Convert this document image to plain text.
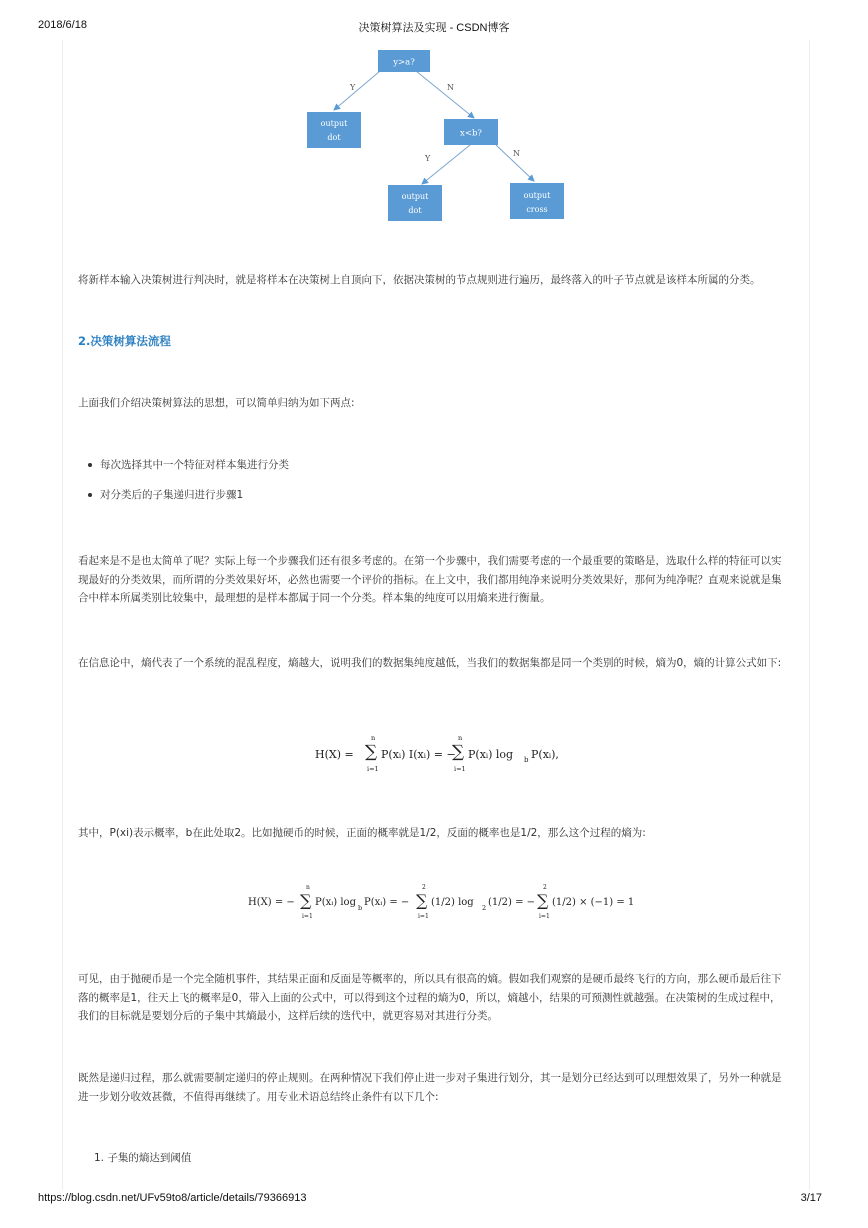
2018/6/18	决策树算法及实现 - CSDN博客
Y	N
Y
N
y>a?
output
dot	x<b?
output
dot
output
cross

将新样本输入决策树进行判决时，就是将样本在决策树上自顶向下，依据决策树的节点规则进行遍历，最终落入的叶子节点就是该样本所属的分类。

2.决策树算法流程

上面我们介绍决策树算法的思想，可以简单归纳为如下两点:

每次选择其中一个特征对样本集进行分类
对分类后的子集递归进行步骤1

看起来是不是也太简单了呢？实际上每一个步骤我们还有很多考虑的。在第一个步骤中，我们需要考虑的一个最重要的策略是，选取什么样的特征可以实现最好的分类效果，而所谓的分类效果好坏，必然也需要一个评价的指标。在上文中，我们都用纯净来说明分类效果好，那何为纯净呢？直观来说就是集合中样本所属类别比较集中，最理想的是样本都属于同一个分类。样本集的纯度可以用熵来进行衡量。

在信息论中，熵代表了一个系统的混乱程度，熵越大，说明我们的数据集纯度越低，当我们的数据集都是同一个类别的时候，熵为0，熵的计算公式如下:

H(X) =
n
∑
i=1
P(xᵢ) I(xᵢ) = −
n
∑
i=1
P(xᵢ) log b P(xᵢ),

其中，P(xi)表示概率，b在此处取2。比如抛硬币的时候，正面的概率就是1/2，反面的概率也是1/2，那么这个过程的熵为:

H(X) = −
n
∑
i=1
P(xᵢ) log b P(xᵢ) = −
2
∑
i=1
(1/2) log 2 (1/2) = −
2
∑
i=1
(1/2) × (−1) = 1

可见，由于抛硬币是一个完全随机事件，其结果正面和反面是等概率的，所以具有很高的熵。假如我们观察的是硬币最终飞行的方向，那么硬币最后往下落的概率是1，往天上飞的概率是0，带入上面的公式中，可以得到这个过程的熵为0，所以，熵越小，结果的可预测性就越强。在决策树的生成过程中，我们的目标就是要划分后的子集中其熵最小，这样后续的迭代中，就更容易对其进行分类。

既然是递归过程，那么就需要制定递归的停止规则。在两种情况下我们停止进一步对子集进行划分，其一是划分已经达到可以理想效果了，另外一种就是进一步划分收效甚微，不值得再继续了。用专业术语总结终止条件有以下几个:

1. 子集的熵达到阈值
https://blog.csdn.net/UFv59to8/article/details/79366913	3/17
